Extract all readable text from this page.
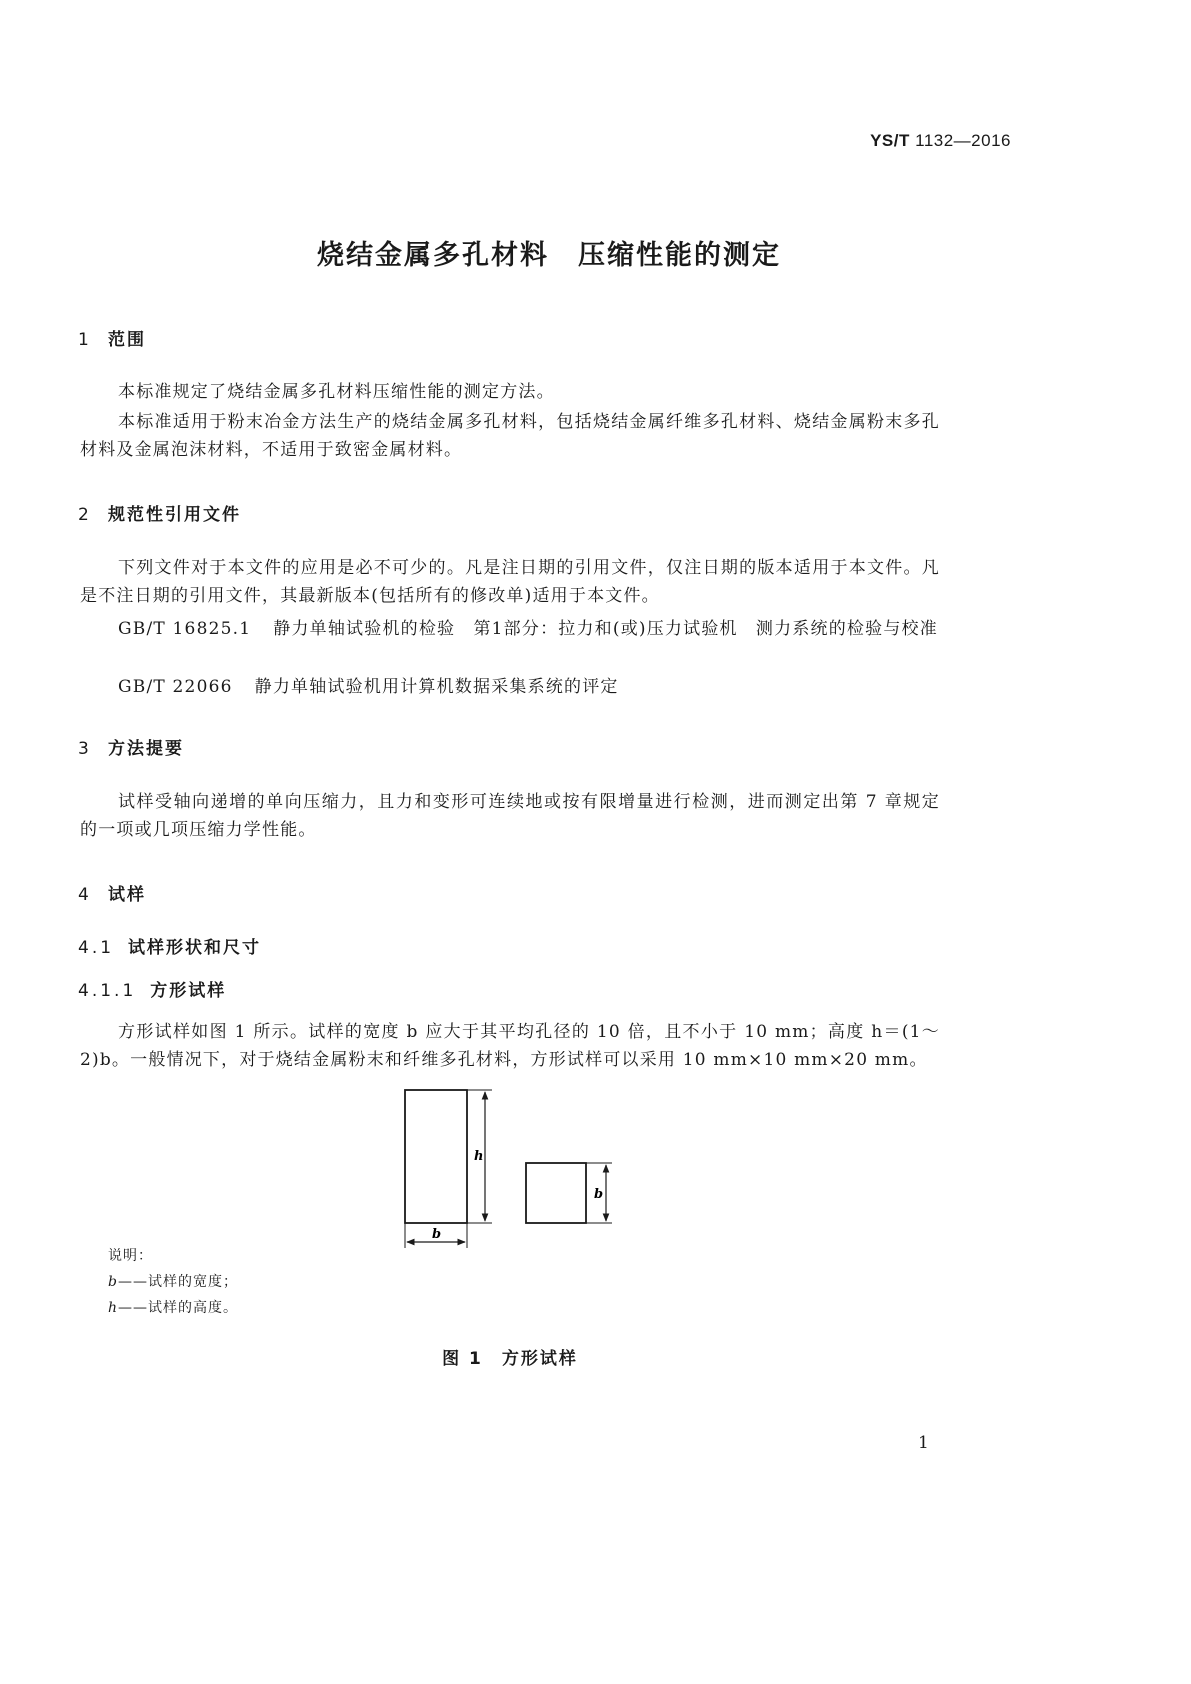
YS/T 1132—2016
烧结金属多孔材料　压缩性能的测定
1 范围
本标准规定了烧结金属多孔材料压缩性能的测定方法。
本标准适用于粉末冶金方法生产的烧结金属多孔材料，包括烧结金属纤维多孔材料、烧结金属粉末多孔材料及金属泡沫材料，不适用于致密金属材料。
2 规范性引用文件
下列文件对于本文件的应用是必不可少的。凡是注日期的引用文件，仅注日期的版本适用于本文件。凡是不注日期的引用文件，其最新版本(包括所有的修改单)适用于本文件。
GB/T 16825.1 静力单轴试验机的检验　第1部分：拉力和(或)压力试验机　测力系统的检验与校准
GB/T 22066 静力单轴试验机用计算机数据采集系统的评定
3 方法提要
试样受轴向递增的单向压缩力，且力和变形可连续地或按有限增量进行检测，进而测定出第 7 章规定的一项或几项压缩力学性能。
4 试样
4.1 试样形状和尺寸
4.1.1 方形试样
方形试样如图 1 所示。试样的宽度 b 应大于其平均孔径的 10 倍，且不小于 10 mm；高度 h＝(1～2)b。一般情况下，对于烧结金属粉末和纤维多孔材料，方形试样可以采用 10 mm×10 mm×20 mm。
h
b
b
说明：
b——试样的宽度；
h——试样的高度。
图 1　方形试样
1
